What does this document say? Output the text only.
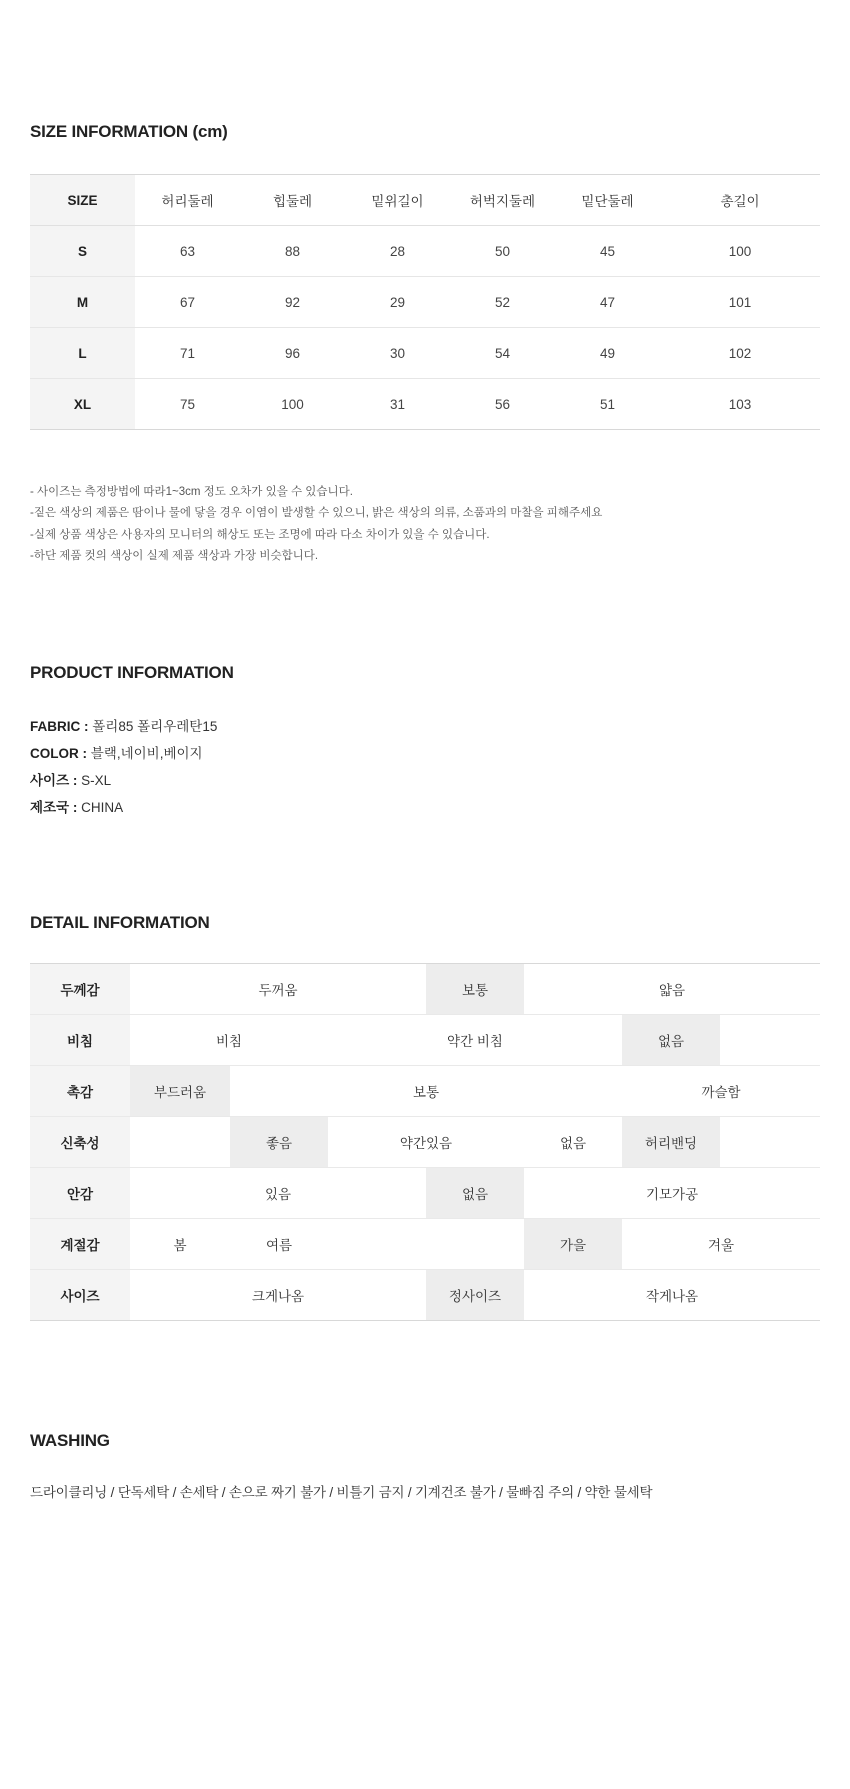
SIZE INFORMATION (cm)
SIZE	허리둘레	힙둘레	밑위길이	허벅지둘레	밑단둘레	총길이
S	63	88	28	50	45	100
M	67	92	29	52	47	101
L	71	96	30	54	49	102
XL	75	100	31	56	51	103
- 사이즈는 측정방법에 따라1~3cm 정도 오차가 있을 수 있습니다.
-짙은 색상의 제품은 땀이나 물에 닿을 경우 이염이 발생할 수 있으니, 밝은 색상의 의류, 소품과의 마찰을 피해주세요
-실제 상품 색상은 사용자의 모니터의 해상도 또는 조명에 따라 다소 차이가 있을 수 있습니다.
-하단 제품 컷의 색상이 실제 제품 색상과 가장 비슷합니다.
PRODUCT INFORMATION
FABRIC : 폴리85 폴리우레탄15
COLOR : 블랙,네이비,베이지
사이즈 : S-XL
제조국 : CHINA
DETAIL INFORMATION
두께감	두꺼움			보통	얇음		
비침	비침		약간 비침			없음	
촉감	부드러움	보통				까슬함	
신축성		좋음	약간있음		없음	허리밴딩	
안감	있음			없음	기모가공		
계절감	봄	여름			가을	겨울	
사이즈	크게나옴			정사이즈	작게나옴		
WASHING
드라이클리닝 / 단독세탁 / 손세탁 / 손으로 짜기 불가 / 비틀기 금지 / 기계건조 불가 / 물빠짐 주의 / 약한 물세탁
